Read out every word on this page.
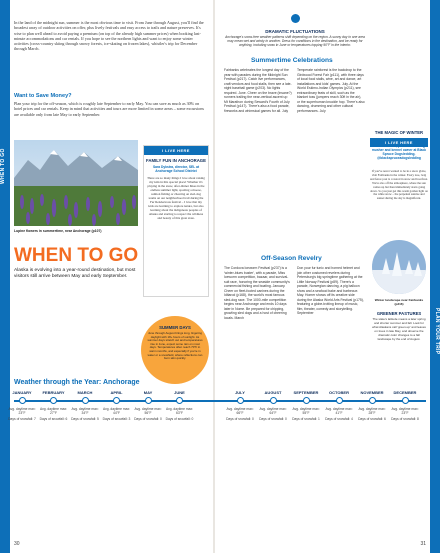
WHEN TO GO
In the land of the midnight sun, summer is the most obvious time to visit. From June through August, you'll find the broadest array of outdoor activities on offer, plus lively festivals and easy access to trails and nature preserves. It's wise to plan well ahead to avoid paying a premium (on top of the already high summer prices) when booking last-minute accommodations and car rentals. If you hope to see the northern lights and want to enjoy some winter activities (cross-country skiing through snowy forests, ice-skating on frozen lakes), whistler's trip for December through March.
Want to Save Money?
Plan your trip for the off-season, which is roughly late September to early May. You can save as much as 30% on hotel prices and car rentals. Keep in mind that activities and tours are more limited in some areas – some excursions are available only from late May to early September.
Lupine flowers in summertime, near Anchorage (p107)
I LIVE HERE
FAMILY FUN IN ANCHORAGE
Sara Dykstra, director, SEL at Anchorage School District
There are so many things I love about raising my kids in this special place! Whether it's playing in the snow, after-dinner hikes in the endless summer light, spotting a moose, salmon fishing or cheering on sled-dog teams on our neighborhood trail during the Fur Rendezvous festival – I love that my kids are learning to explore nature, but also learning about the indigenous peoples of Alaska and starting to respect the wildness and beauty of this great state.
SUMMER DAYS
June through August brings long, lingering daylight with 18+ hours of sunlight. As summer days stretch out and temperatures rise in June, expect some rain on most days. Temperatures often reach 70°F in warm months, and especially if you're in water or a snowfield, where reflections can burn skin quickly.
Weather through the Year: Anchorage
30
PLAN YOUR TRIP
DRAMATIC FLUCTUATIONS
Anchorage's snow-free weather patterns shift depending on the region. A sunny day in one area may mean wet and windy in another. Dress for conditions in the destination, and be ready for anything, including snow in June or temperatures topping 90°F in the interior.
Summertime Celebrations
Fairbanks celebrates the longest day of the year with parades during the Midnight Sun Festival (p217). Catch live performances, craft vendors and food stalls, then see a late-night baseball game (p203). No lights required. June. Cheer on the brave (insane?) runners trailing the near-vertical ascent up Mt Marathon during Seward's Fourth of July Festival (p147). There's also a food parade, fireworks and whimsical games for all. July
Temperate rainforest is the backdrop to the Girdwood Forest Fair (p111), with three days of local food stalls, wine, art and dance, art installations and kids' games. July. At the World Eskimo-Indian Olympics (p211), see extraordinary feats of skill, such as the blanket toss (jumpers reach 30ft in the air), or the superhuman knuckle hop. There's also dancing, drumming and other cultural performances. July
Off-Season Revelry
The Cordova Iceworm Festival (p237) is a 'winter-blues buster', with a parade, Miss Iceworm competition, bazaar, and survival-suit race, honoring the seaside community's commercial fishing and boating. January. Cheer on fleet-footed canines during the Iditarod (p168), the world's most famous sled-dog race. The 1000-mile competition begins near Anchorage and ends 10 days later in Nome. Be prepared for chipping, growling sled dogs and a host of cheering locals. March
Don your fur tunic and horned helmet and join other costumed revelers during Petersburg's big springtime gathering at the Little Norway Festival (p89). There's a parade, Norwegian dancing, a pig balloon show and a seafood bake and barbecue. May. Homer shows off its creative side during the Alaska World Arts Festival (p175), featuring a globe-trotting lineup of music, film, theater, comedy and storytelling. September
I LIVE HERE
THE MAGIC OF WINTER
Kathrin Davies, professional dog musher and kennel owner at Black Spruce Dogsledding. @blackspruceadogsledding
If you've never wanted to be in a snow globe, visit Fairbanks in the winter. Every tree, twig and fence post is covered in snow and hoarfrost. We're also off the atmosphere, where the sun comes up but then immediately starts going down. So you just get this warm golden light on the white snow – the perpetual sunrise and sunset during the day is magnificent.
Winter landscape near Fairbanks (p316)
GREENER PASTURES
The state's latitude means a later spring and shorter summer and fall. Look for what Alaskans call 'green-up' and leaves on trees in late May, and observe the dramatic color changes to a fall landscape by the end of August.
31
JANUARY
Avg. daytime max: 23°F
Days of snowfall: 7
FEBRUARY
Avg. daytime max: 27°F
Days of snowfall: 6
MARCH
Avg. daytime max: 34°F
Days of snowfall: 5
APRIL
Avg. daytime max: 44°F
Days of snowfall: 3
MAY
Avg. daytime max: 56°F
Days of snowfall: 0
JUNE
Avg. daytime max: 63°F
Days of snowfall: 0
JULY
Avg. daytime max: 66°F
Days of snowfall: 0
AUGUST
Avg. daytime max: 64°F
Days of snowfall: 0
SEPTEMBER
Avg. daytime max: 55°F
Days of snowfall: 1
OCTOBER
Avg. daytime max: 41°F
Days of snowfall: 4
NOVEMBER
Avg. daytime max: 28°F
Days of snowfall: 6
DECEMBER
Avg. daytime max: 23°F
Days of snowfall: 8
WHEN TO GO
Alaska is evolving into a year-round destination, but most visitors still arrive between May and early September.
